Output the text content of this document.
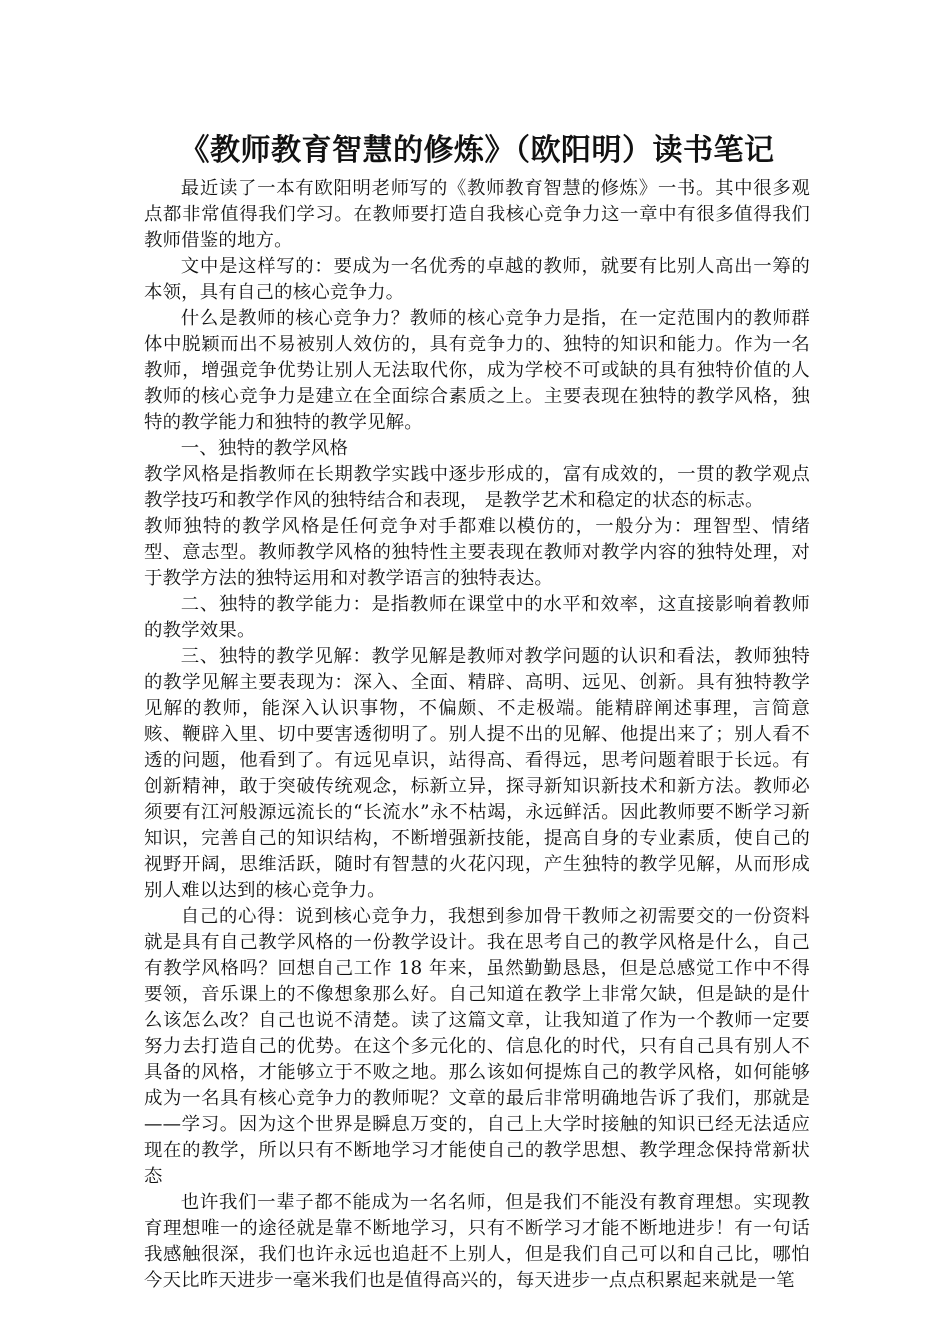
《教师教育智慧的修炼》（欧阳明）读书笔记

最近读了一本有欧阳明老师写的《教师教育智慧的修炼》一书。其中很多观点都非常值得我们学习。在教师要打造自我核心竞争力这一章中有很多值得我们教师借鉴的地方。

文中是这样写的：要成为一名优秀的卓越的教师，就要有比别人高出一筹的本领，具有自己的核心竞争力。

什么是教师的核心竞争力？教师的核心竞争力是指，在一定范围内的教师群体中脱颖而出不易被别人效仿的，具有竞争力的、独特的知识和能力。作为一名教师，增强竞争优势让别人无法取代你，成为学校不可或缺的具有独特价值的人教师的核心竞争力是建立在全面综合素质之上。主要表现在独特的教学风格，独特的教学能力和独特的教学见解。

一、独特的教学风格

教学风格是指教师在长期教学实践中逐步形成的，富有成效的，一贯的教学观点教学技巧和教学作风的独特结合和表现， 是教学艺术和稳定的状态的标志。

教师独特的教学风格是任何竞争对手都难以模仿的，一般分为：理智型、情绪型、意志型。教师教学风格的独特性主要表现在教师对教学内容的独特处理，对于教学方法的独特运用和对教学语言的独特表达。

二、独特的教学能力：是指教师在课堂中的水平和效率，这直接影响着教师的教学效果。

三、独特的教学见解：教学见解是教师对教学问题的认识和看法，教师独特的教学见解主要表现为：深入、全面、精辟、高明、远见、创新。具有独特教学见解的教师，能深入认识事物，不偏颇、不走极端。能精辟阐述事理，言简意赅、鞭辟入里、切中要害透彻明了。别人提不出的见解、他提出来了；别人看不透的问题，他看到了。有远见卓识，站得高、看得远，思考问题着眼于长远。有创新精神，敢于突破传统观念，标新立异，探寻新知识新技术和新方法。教师必须要有江河般源远流长的“长流水”永不枯竭，永远鲜活。因此教师要不断学习新知识，完善自己的知识结构，不断增强新技能，提高自身的专业素质，使自己的视野开阔，思维活跃，随时有智慧的火花闪现，产生独特的教学见解，从而形成别人难以达到的核心竞争力。

自己的心得：说到核心竞争力，我想到参加骨干教师之初需要交的一份资料就是具有自己教学风格的一份教学设计。我在思考自己的教学风格是什么，自己有教学风格吗？回想自己工作 18 年来，虽然勤勤恳恳，但是总感觉工作中不得要领，音乐课上的不像想象那么好。自己知道在教学上非常欠缺，但是缺的是什么该怎么改？自己也说不清楚。读了这篇文章，让我知道了作为一个教师一定要努力去打造自己的优势。在这个多元化的、信息化的时代，只有自己具有别人不具备的风格，才能够立于不败之地。那么该如何提炼自己的教学风格，如何能够成为一名具有核心竞争力的教师呢？文章的最后非常明确地告诉了我们，那就是——学习。因为这个世界是瞬息万变的，自己上大学时接触的知识已经无法适应现在的教学，所以只有不断地学习才能使自己的教学思想、教学理念保持常新状态

也许我们一辈子都不能成为一名名师，但是我们不能没有教育理想。实现教育理想唯一的途径就是靠不断地学习，只有不断学习才能不断地进步！有一句话我感触很深，我们也许永远也追赶不上别人，但是我们自己可以和自己比，哪怕今天比昨天进步一毫米我们也是值得高兴的，每天进步一点点积累起来就是一笔
